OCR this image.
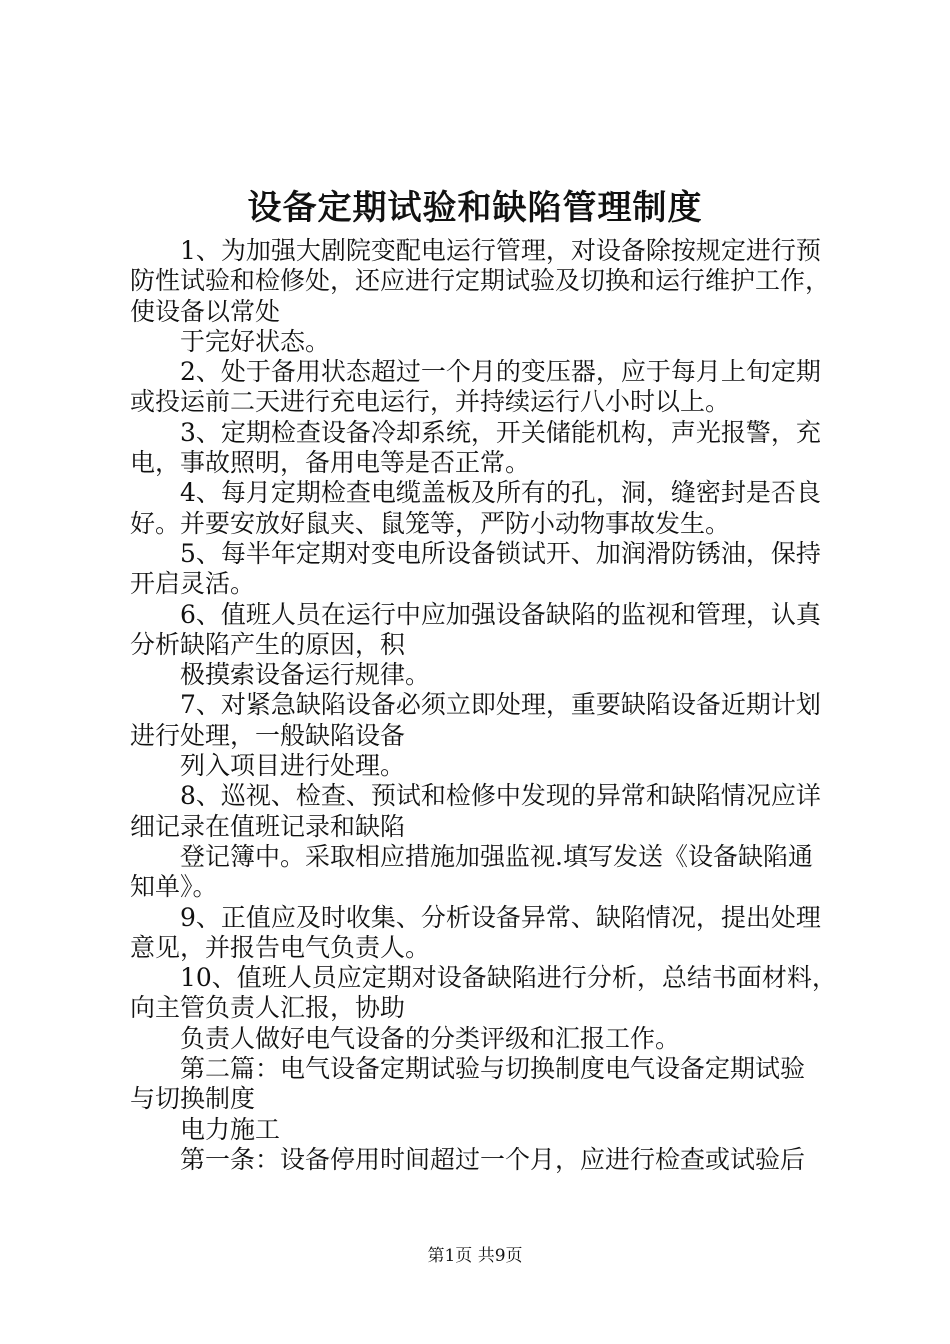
设备定期试验和缺陷管理制度
1、为加强大剧院变配电运行管理，对设备除按规定进行预
防性试验和检修处，还应进行定期试验及切换和运行维护工作，
使设备以常处
于完好状态。
2、处于备用状态超过一个月的变压器，应于每月上旬定期
或投运前二天进行充电运行，并持续运行八小时以上。
3、定期检查设备冷却系统，开关储能机构，声光报警，充
电，事故照明，备用电等是否正常。
4、每月定期检查电缆盖板及所有的孔，洞，缝密封是否良
好。并要安放好鼠夹、鼠笼等，严防小动物事故发生。
5、每半年定期对变电所设备锁试开、加润滑防锈油，保持
开启灵活。
6、值班人员在运行中应加强设备缺陷的监视和管理，认真
分析缺陷产生的原因，积
极摸索设备运行规律。
7、对紧急缺陷设备必须立即处理，重要缺陷设备近期计划
进行处理，一般缺陷设备
列入项目进行处理。
8、巡视、检查、预试和检修中发现的异常和缺陷情况应详
细记录在值班记录和缺陷
登记簿中。采取相应措施加强监视.填写发送《设备缺陷通
知单》。
9、正值应及时收集、分析设备异常、缺陷情况，提出处理
意见，并报告电气负责人。
10、值班人员应定期对设备缺陷进行分析，总结书面材料，
向主管负责人汇报，协助
负责人做好电气设备的分类评级和汇报工作。
第二篇：电气设备定期试验与切换制度电气设备定期试验
与切换制度
电力施工
第一条：设备停用时间超过一个月，应进行检查或试验后
第1页 共9页
